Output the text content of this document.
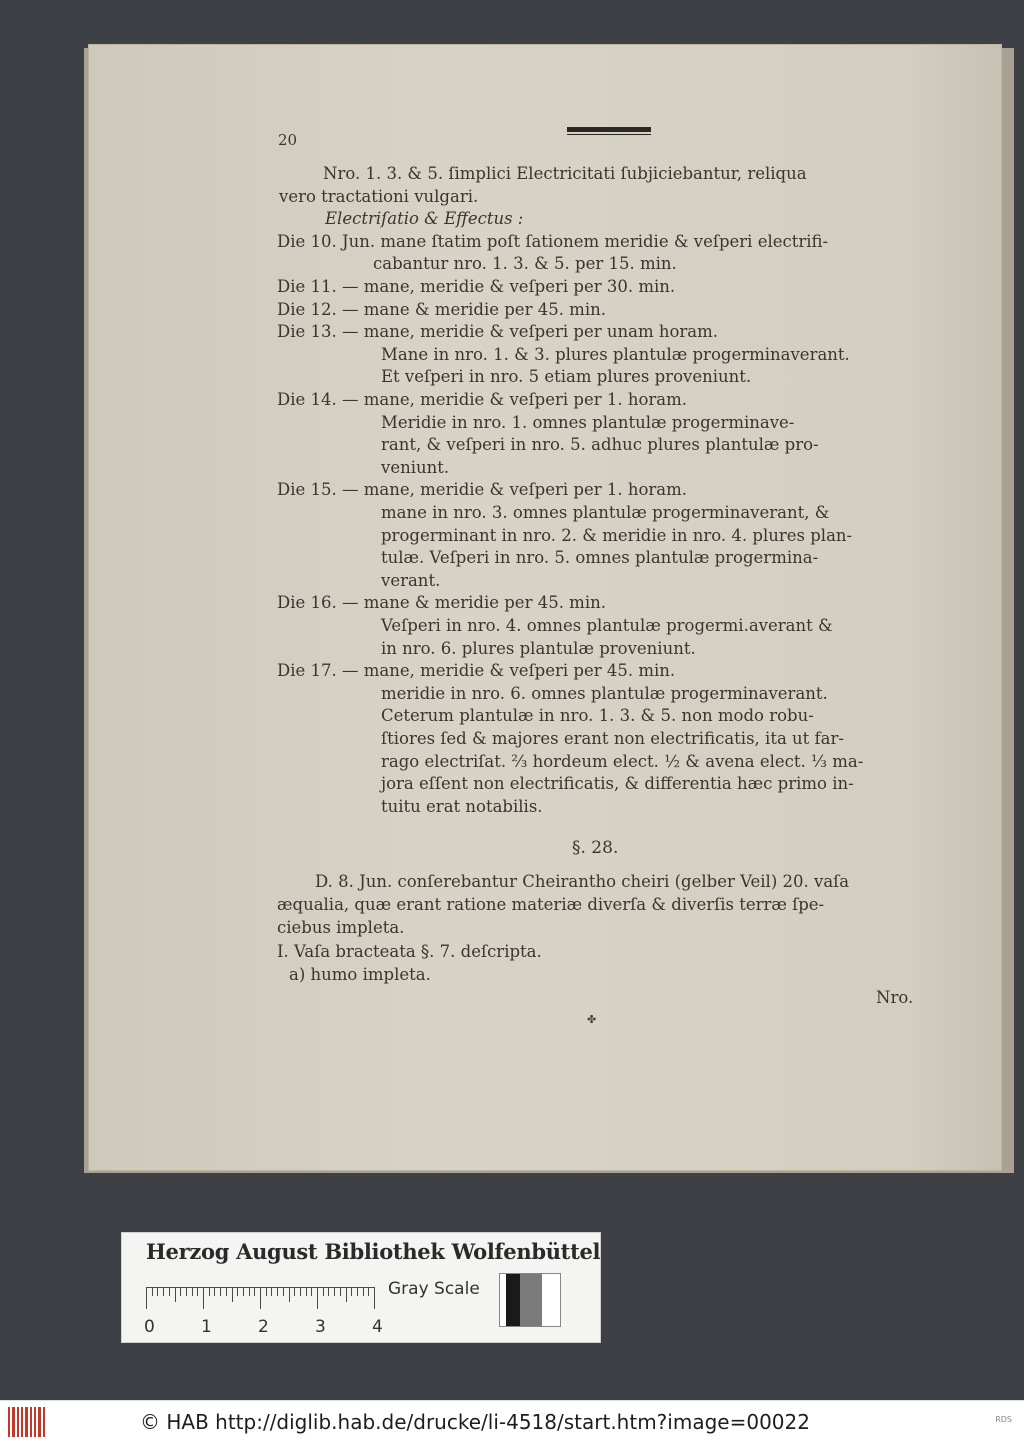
20
Nro. 1. 3. & 5. ſimplici Electricitati ſubjiciebantur, reliqua
vero tractationi vulgari.
Electriſatio & Effectus :
Die 10. Jun. mane ſtatim poſt ſationem meridie & veſperi electrifi-
cabantur nro. 1. 3. & 5. per 15. min.
Die 11. — mane, meridie & veſperi per 30. min.
Die 12. — mane & meridie per 45. min.
Die 13. — mane, meridie & veſperi per unam horam.
Mane in nro. 1. & 3. plures plantulæ progerminaverant.
Et veſperi in nro. 5 etiam plures proveniunt.
Die 14. — mane, meridie & veſperi per 1. horam.
Meridie in nro. 1. omnes plantulæ progerminave-
rant, & veſperi in nro. 5. adhuc plures plantulæ pro-
veniunt.
Die 15. — mane, meridie & veſperi per 1. horam.
mane in nro. 3. omnes plantulæ progerminaverant, &
progerminant in nro. 2. & meridie in nro. 4. plures plan-
tulæ. Veſperi in nro. 5. omnes plantulæ progermina-
verant.
Die 16. — mane & meridie per 45. min.
Veſperi in nro. 4. omnes plantulæ progermi.averant &
in nro. 6. plures plantulæ proveniunt.
Die 17. — mane, meridie & veſperi per 45. min.
meridie in nro. 6. omnes plantulæ progerminaverant.
Ceterum plantulæ in nro. 1. 3. & 5. non modo robu-
ſtiores ſed & majores erant non electrificatis, ita ut far-
rago electriſat. ⅔ hordeum elect. ½ & avena elect. ⅓ ma-
jora eſſent non electrificatis, & differentia hæc primo in-
tuitu erat notabilis.
§. 28.
D. 8. Jun. conſerebantur Cheirantho cheiri (gelber Veil) 20. vaſa
æqualia, quæ erant ratione materiæ diverſa & diverſis terræ ſpe-
ciebus impleta.
I. Vaſa bracteata §. 7. deſcripta.
a) humo impleta.
Nro.
✤
Herzog August Bibliothek Wolfenbüttel
0	1	2	3	4
Gray Scale
© HAB http://diglib.hab.de/drucke/li-4518/start.htm?image=00022	RDS
